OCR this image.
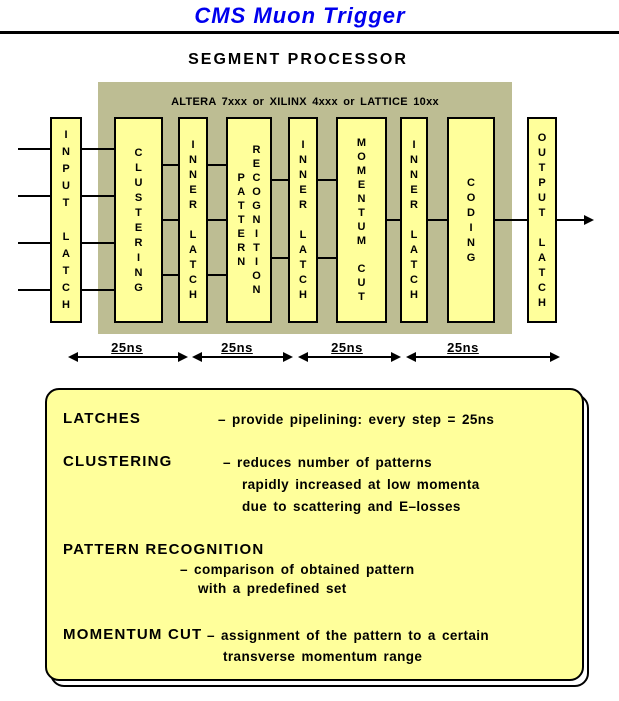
CMS Muon Trigger
SEGMENT PROCESSOR
ALTERA 7xxx or XILINX 4xxx or LATTICE 10xx
I
N
P
U
T
L
A
T
C
H
C
L
U
S
T
E
R
I
N
G
I
N
N
E
R
L
A
T
C
H
P
A
T
T
E
R
N
R
E
C
O
G
N
I
T
I
O
N
I
N
N
E
R
L
A
T
C
H
M
O
M
E
N
T
U
M
C
U
T
I
N
N
E
R
L
A
T
C
H
C
O
D
I
N
G
O
U
T
P
U
T
L
A
T
C
H
25ns	25ns	25ns	25ns
LATCHES	– provide pipelining: every step = 25ns
CLUSTERING	– reduces number of patterns
rapidly increased at low momenta
due to scattering and E–losses
PATTERN RECOGNITION
– comparison of obtained pattern
with a predefined set
MOMENTUM CUT – assignment of the pattern to a certain
transverse momentum range
